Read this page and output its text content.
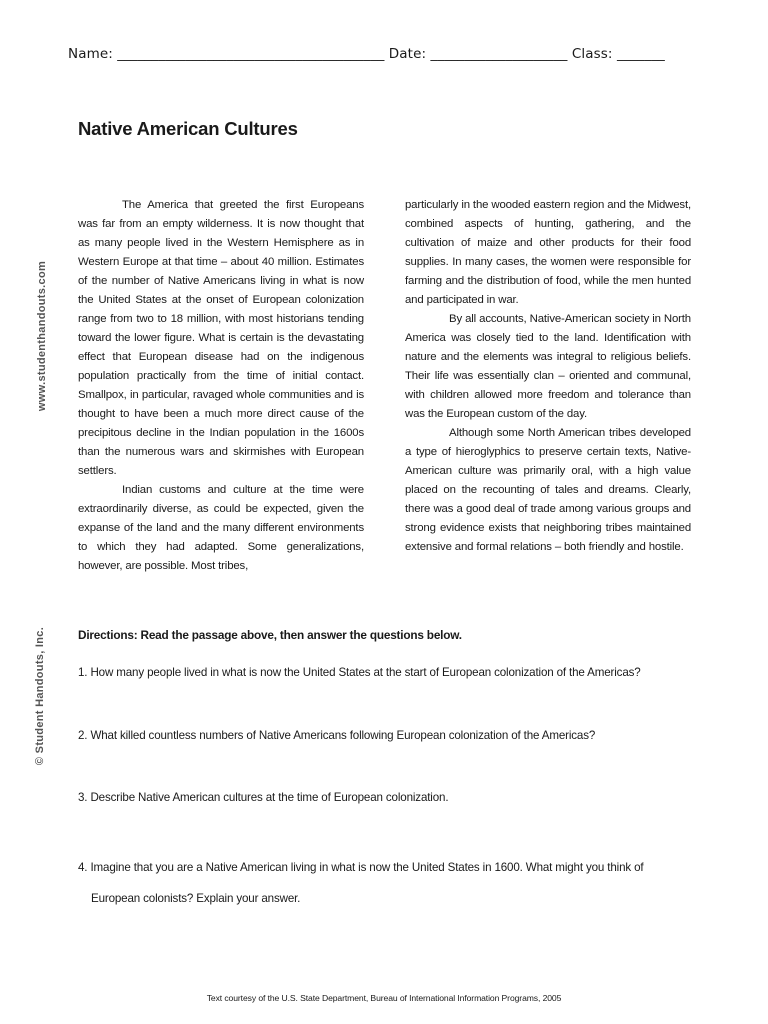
Name: _______________________________________ Date: ____________________ Class: _______
www.studenthandouts.com
© Student Handouts, Inc.
Native American Cultures

The America that greeted the first Europeans was far from an empty wilderness. It is now thought that as many people lived in the Western Hemisphere as in Western Europe at that time – about 40 million. Estimates of the number of Native Americans living in what is now the United States at the onset of European colonization range from two to 18 million, with most historians tending toward the lower figure. What is certain is the devastating effect that European disease had on the indigenous population practically from the time of initial contact. Smallpox, in particular, ravaged whole communities and is thought to have been a much more direct cause of the precipitous decline in the Indian population in the 1600s than the numerous wars and skirmishes with European settlers.

Indian customs and culture at the time were extraordinarily diverse, as could be expected, given the expanse of the land and the many different environments to which they had adapted. Some generalizations, however, are possible. Most tribes,

particularly in the wooded eastern region and the Midwest, combined aspects of hunting, gathering, and the cultivation of maize and other products for their food supplies. In many cases, the women were responsible for farming and the distribution of food, while the men hunted and participated in war.

By all accounts, Native-American society in North America was closely tied to the land. Identification with nature and the elements was integral to religious beliefs. Their life was essentially clan – oriented and communal, with children allowed more freedom and tolerance than was the European custom of the day.

Although some North American tribes developed a type of hieroglyphics to preserve certain texts, Native-American culture was primarily oral, with a high value placed on the recounting of tales and dreams. Clearly, there was a good deal of trade among various groups and strong evidence exists that neighboring tribes maintained extensive and formal relations – both friendly and hostile.

Directions: Read the passage above, then answer the questions below.
1. How many people lived in what is now the United States at the start of European colonization of the Americas?
2. What killed countless numbers of Native Americans following European colonization of the Americas?
3. Describe Native American cultures at the time of European colonization.
4. Imagine that you are a Native American living in what is now the United States in 1600. What might you think of
European colonists? Explain your answer.
Text courtesy of the U.S. State Department, Bureau of International Information Programs, 2005
